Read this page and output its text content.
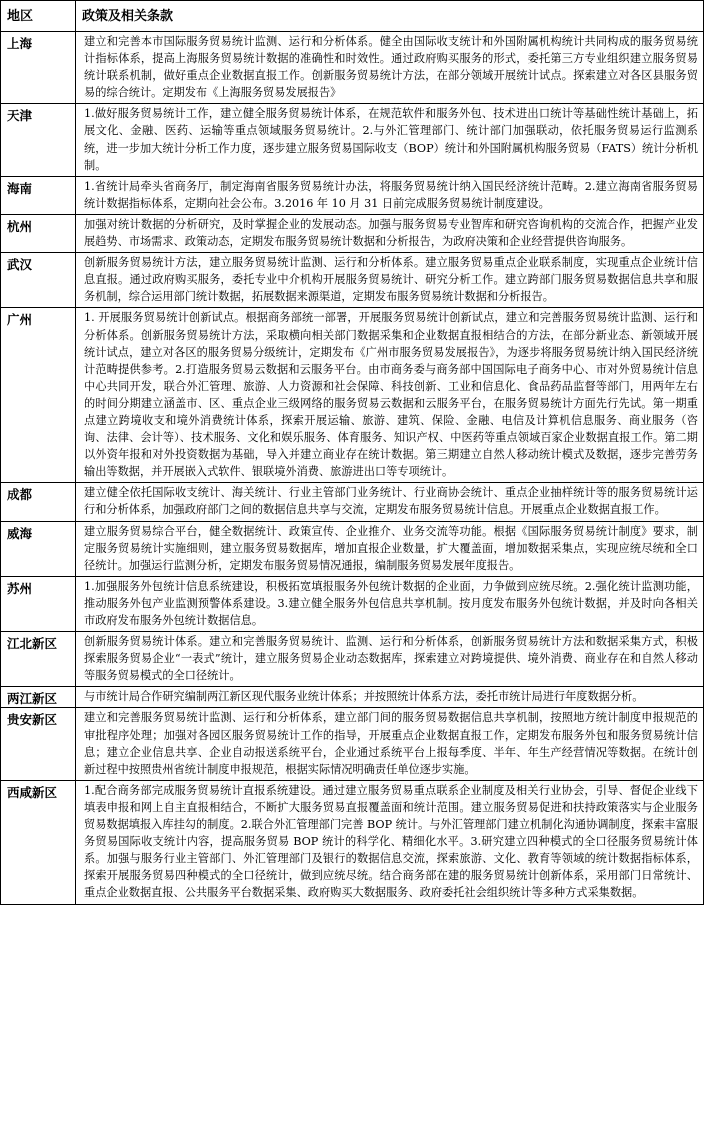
地区	政策及相关条款
上海	建立和完善本市国际服务贸易统计监测、运行和分析体系。健全由国际收支统计和外国附属机构统计共同构成的服务贸易统计指标体系，提高上海服务贸易统计数据的准确性和时效性。通过政府购买服务的形式，委托第三方专业组织建立服务贸易统计联系机制，做好重点企业数据直报工作。创新服务贸易统计方法，在部分领域开展统计试点。探索建立对各区县服务贸易的综合统计。定期发布《上海服务贸易发展报告》
天津	1.做好服务贸易统计工作，建立健全服务贸易统计体系，在规范软件和服务外包、技术进出口统计等基础性统计基础上，拓展文化、金融、医药、运输等重点领域服务贸易统计。2.与外汇管理部门、统计部门加强联动，依托服务贸易运行监测系统，进一步加大统计分析工作力度，逐步建立服务贸易国际收支（BOP）统计和外国附属机构服务贸易（FATS）统计分析机制。
海南	1.省统计局牵头省商务厅，制定海南省服务贸易统计办法，将服务贸易统计纳入国民经济统计范畴。2.建立海南省服务贸易统计数据指标体系，定期向社会公布。3.2016 年 10 月 31 日前完成服务贸易统计制度建设。
杭州	加强对统计数据的分析研究，及时掌握企业的发展动态。加强与服务贸易专业智库和研究咨询机构的交流合作，把握产业发展趋势、市场需求、政策动态，定期发布服务贸易统计数据和分析报告，为政府决策和企业经营提供咨询服务。
武汉	创新服务贸易统计方法，建立服务贸易统计监测、运行和分析体系。建立服务贸易重点企业联系制度，实现重点企业统计信息直报。通过政府购买服务，委托专业中介机构开展服务贸易统计、研究分析工作。建立跨部门服务贸易数据信息共享和服务机制，综合运用部门统计数据，拓展数据来源渠道，定期发布服务贸易统计数据和分析报告。
广州	1. 开展服务贸易统计创新试点。根据商务部统一部署，开展服务贸易统计创新试点，建立和完善服务贸易统计监测、运行和分析体系。创新服务贸易统计方法，采取横向相关部门数据采集和企业数据直报相结合的方法，在部分新业态、新领域开展统计试点，建立对各区的服务贸易分级统计，定期发布《广州市服务贸易发展报告》，为逐步将服务贸易统计纳入国民经济统计范畴提供参考。2.打造服务贸易云数据和云服务平台。由市商务委与商务部中国国际电子商务中心、市对外贸易统计信息中心共同开发，联合外汇管理、旅游、人力资源和社会保障、科技创新、工业和信息化、食品药品监督等部门，用两年左右的时间分期建立涵盖市、区、重点企业三级网络的服务贸易云数据和云服务平台，在服务贸易统计方面先行先试。第一期重点建立跨境收支和境外消费统计体系，探索开展运输、旅游、建筑、保险、金融、电信及计算机信息服务、商业服务（咨询、法律、会计等）、技术服务、文化和娱乐服务、体育服务、知识产权、中医药等重点领域百家企业数据直报工作。第二期以外资年报和对外投资数据为基础，导入并建立商业存在统计数据。第三期建立自然人移动统计模式及数据，逐步完善劳务输出等数据，并开展嵌入式软件、银联境外消费、旅游进出口等专项统计。
成都	建立健全依托国际收支统计、海关统计、行业主管部门业务统计、行业商协会统计、重点企业抽样统计等的服务贸易统计运行和分析体系，加强政府部门之间的数据信息共享与交流，定期发布服务贸易统计信息。开展重点企业数据直报工作。
威海	建立服务贸易综合平台，健全数据统计、政策宣传、企业推介、业务交流等功能。根据《国际服务贸易统计制度》要求，制定服务贸易统计实施细则，建立服务贸易数据库，增加直报企业数量，扩大覆盖面，增加数据采集点，实现应统尽统和全口径统计。加强运行监测分析，定期发布服务贸易情况通报，编制服务贸易发展年度报告。
苏州	1.加强服务外包统计信息系统建设，积极拓宽填报服务外包统计数据的企业面，力争做到应统尽统。2.强化统计监测功能，推动服务外包产业监测预警体系建设。3.建立健全服务外包信息共享机制。按月度发布服务外包统计数据，并及时向各相关市政府发布服务外包统计数据信息。
江北新区	创新服务贸易统计体系。建立和完善服务贸易统计、监测、运行和分析体系，创新服务贸易统计方法和数据采集方式，积极探索服务贸易企业“一表式”统计，建立服务贸易企业动态数据库，探索建立对跨境提供、境外消费、商业存在和自然人移动等服务贸易模式的全口径统计。
两江新区	与市统计局合作研究编制两江新区现代服务业统计体系；并按照统计体系方法，委托市统计局进行年度数据分析。
贵安新区	建立和完善服务贸易统计监测、运行和分析体系，建立部门间的服务贸易数据信息共享机制，按照地方统计制度申报规范的审批程序处理；加强对各园区服务贸易统计工作的指导，开展重点企业数据直报工作，定期发布服务外包和服务贸易统计信息；建立企业信息共享、企业自动报送系统平台，企业通过系统平台上报每季度、半年、年生产经营情况等数据。在统计创新过程中按照贵州省统计制度申报规范，根据实际情况明确责任单位逐步实施。
西咸新区	1.配合商务部完成服务贸易统计直报系统建设。通过建立服务贸易重点联系企业制度及相关行业协会，引导、督促企业线下填表申报和网上自主直报相结合，不断扩大服务贸易直报覆盖面和统计范围。建立服务贸易促进和扶持政策落实与企业服务贸易数据填报入库挂勾的制度。2.联合外汇管理部门完善 BOP 统计。与外汇管理部门建立机制化沟通协调制度，探索丰富服务贸易国际收支统计内容，提高服务贸易 BOP 统计的科学化、精细化水平。3.研究建立四种模式的全口径服务贸易统计体系。加强与服务行业主管部门、外汇管理部门及银行的数据信息交流，探索旅游、文化、教育等领域的统计数据指标体系，探索开展服务贸易四种模式的全口径统计，做到应统尽统。结合商务部在建的服务贸易统计创新体系，采用部门日常统计、重点企业数据直报、公共服务平台数据采集、政府购买大数据服务、政府委托社会组织统计等多种方式采集数据。
